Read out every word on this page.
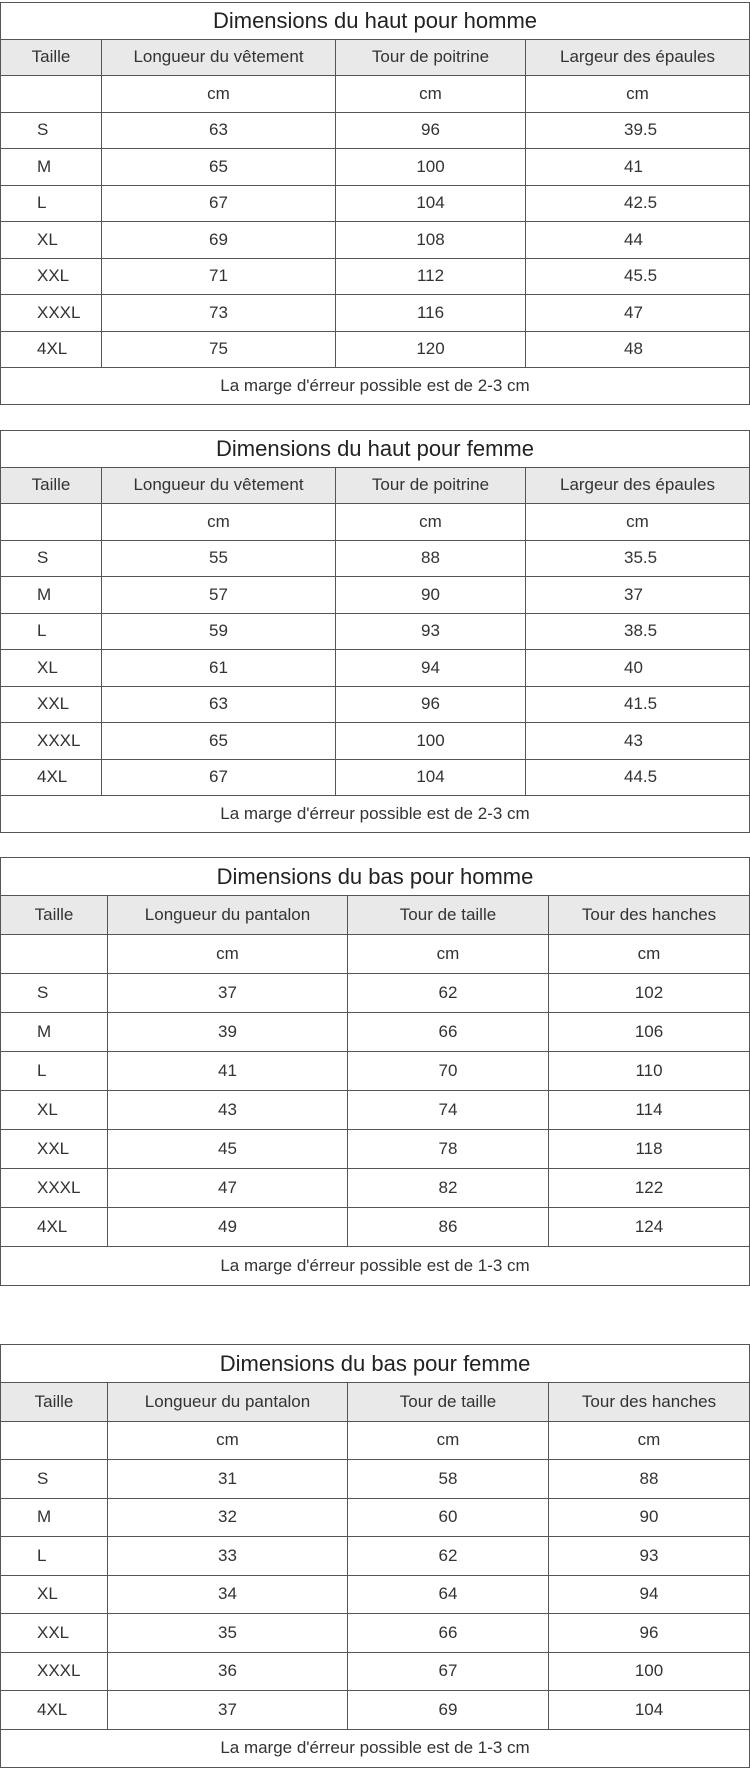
Dimensions du haut pour homme			
Taille	Longueur du vêtement	Tour de poitrine	Largeur des épaules
	cm	cm	cm
S	63	96	39.5
M	65	100	41
L	67	104	42.5
XL	69	108	44
XXL	71	112	45.5
XXXL	73	116	47
4XL	75	120	48
La marge d'érreur possible est de 2-3 cm			
Dimensions du haut pour femme			
Taille	Longueur du vêtement	Tour de poitrine	Largeur des épaules
	cm	cm	cm
S	55	88	35.5
M	57	90	37
L	59	93	38.5
XL	61	94	40
XXL	63	96	41.5
XXXL	65	100	43
4XL	67	104	44.5
La marge d'érreur possible est de 2-3 cm			
Dimensions du bas pour homme			
Taille	Longueur du pantalon	Tour de taille	Tour des hanches
	cm	cm	cm
S	37	62	102
M	39	66	106
L	41	70	110
XL	43	74	114
XXL	45	78	118
XXXL	47	82	122
4XL	49	86	124
La marge d'érreur possible est de 1-3 cm			
Dimensions du bas pour femme			
Taille	Longueur du pantalon	Tour de taille	Tour des hanches
	cm	cm	cm
S	31	58	88
M	32	60	90
L	33	62	93
XL	34	64	94
XXL	35	66	96
XXXL	36	67	100
4XL	37	69	104
La marge d'érreur possible est de 1-3 cm			
